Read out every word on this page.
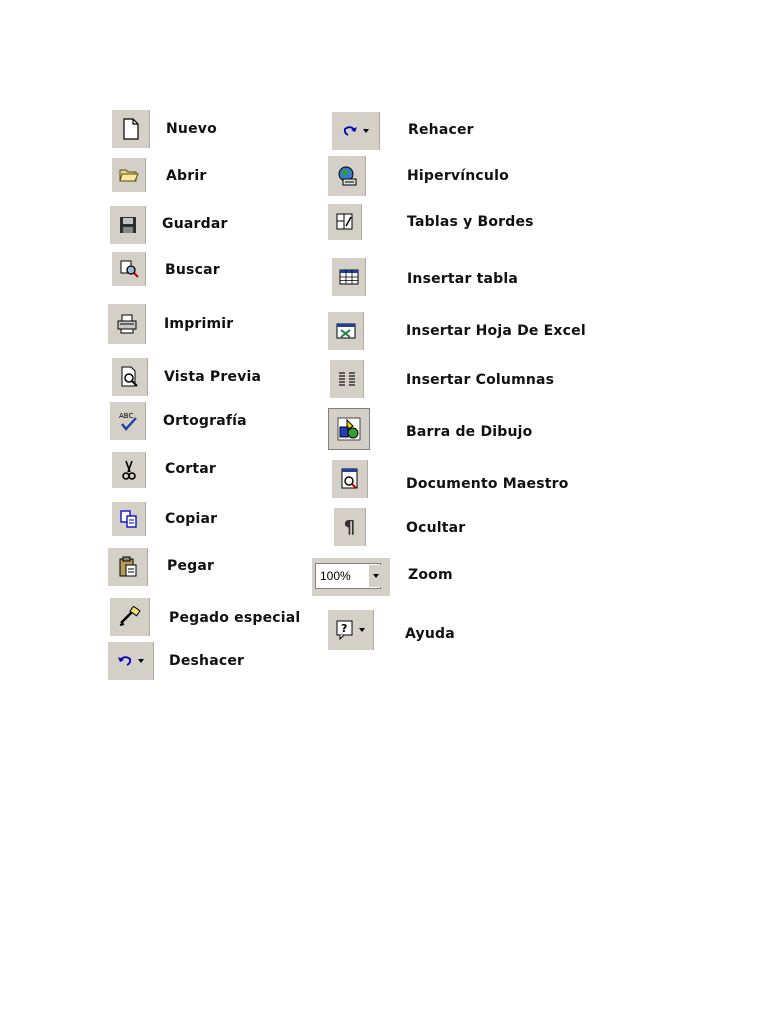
Nuevo
Abrir
Guardar
Buscar
Imprimir
Vista Previa
ABC Ortografía
Cortar
Copiar
Pegar
Pegado especial
Deshacer
Rehacer
Hipervínculo
Tablas y Bordes
Insertar tabla
Insertar Hoja De Excel
Insertar Columnas
Barra de Dibujo
Documento Maestro
¶	Ocultar
100%	Zoom
?	Ayuda
